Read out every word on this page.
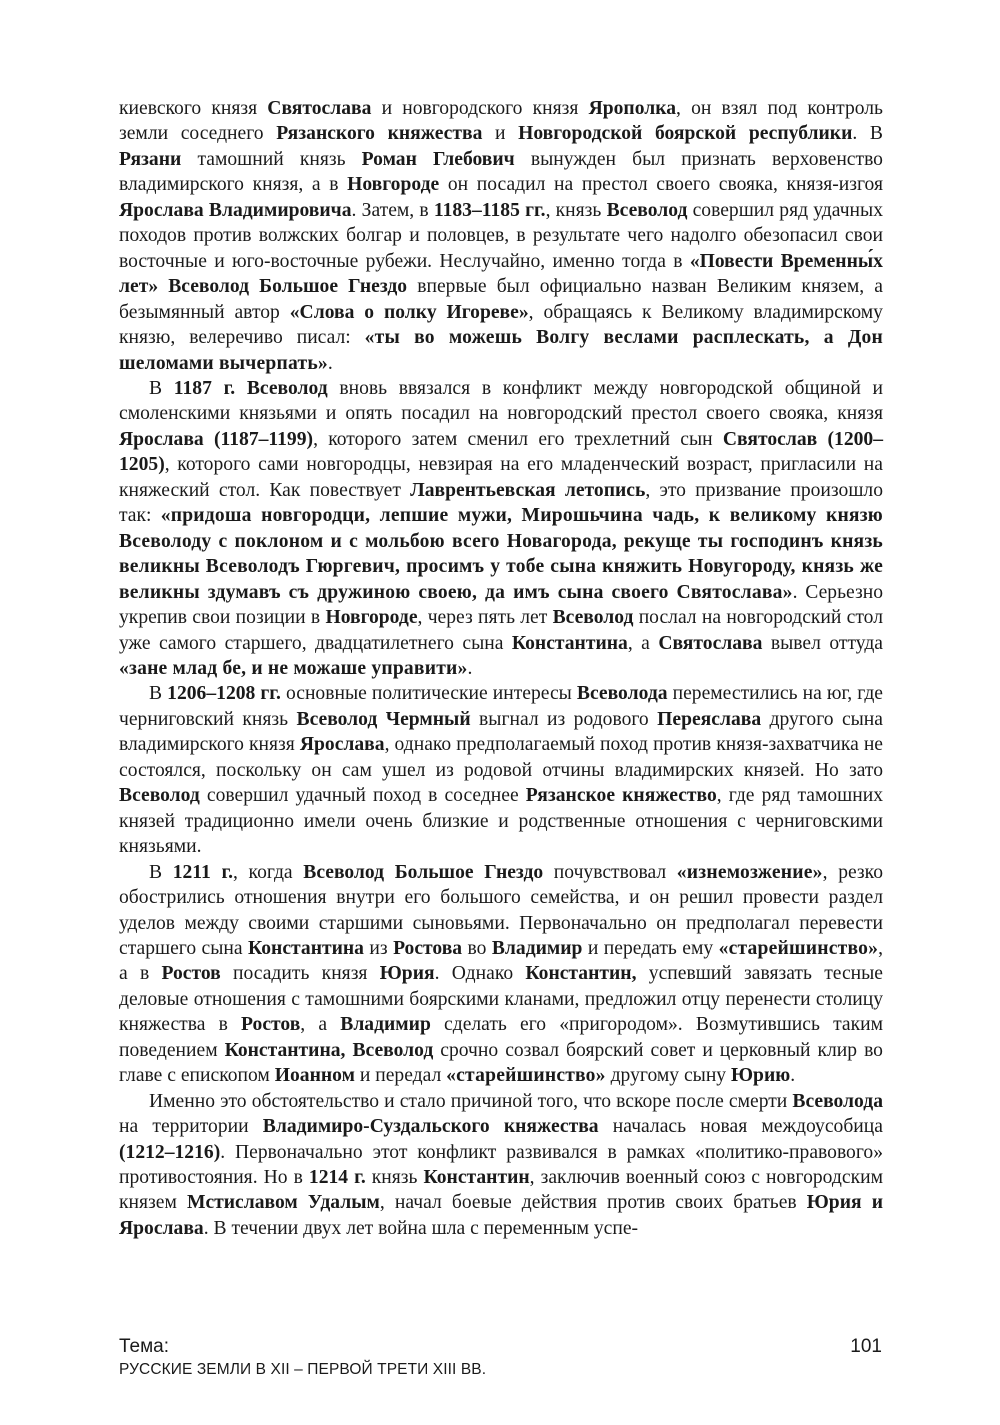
киевского князя Святослава и новгородского князя Ярополка, он взял под контроль земли соседнего Рязанского княжества и Новгородской боярской республики. В Рязани тамошний князь Роман Глебович вынужден был признать верховенство владимирского князя, а в Новгороде он посадил на престол своего свояка, князя-изгоя Ярослава Владимировича. Затем, в 1183–1185 гг., князь Всеволод совершил ряд удачных походов против волжских болгар и половцев, в результате чего надолго обезопасил свои восточные и юго-восточные рубежи. Неслучайно, именно тогда в «Повести Временны́х лет» Всеволод Большое Гнездо впервые был официально назван Великим князем, а безымянный автор «Слова о полку Игореве», обращаясь к Великому владимирскому князю, велеречиво писал: «ты во можешь Волгу веслами расплескать, а Дон шеломами вычерпать».

В 1187 г. Всеволод вновь ввязался в конфликт между новгородской общиной и смоленскими князьями и опять посадил на новгородский престол своего свояка, князя Ярослава (1187–1199), которого затем сменил его трехлетний сын Святослав (1200–1205), которого сами новгородцы, невзирая на его младенческий возраст, пригласили на княжеский стол. Как повествует Лаврентьевская летопись, это призвание произошло так: «придоша новгородци, лепшие мужи, Мирошьчина чадь, к великому князю Всеволоду с поклоном и с мольбою всего Новагорода, рекуще ты господинъ князь великны Всеволодъ Гюргевич, просимъ у тобе сына княжить Новугороду, князь же великны здумавъ съ дружиною своею, да имъ сына своего Святослава». Серьезно укрепив свои позиции в Новгороде, через пять лет Всеволод послал на новгородский стол уже самого старшего, двадцатилетнего сына Константина, а Святослава вывел оттуда «зане млад бе, и не можаше управити».

В 1206–1208 гг. основные политические интересы Всеволода переместились на юг, где черниговский князь Всеволод Чермный выгнал из родового Переяслава другого сына владимирского князя Ярослава, однако предполагаемый поход против князя-захватчика не состоялся, поскольку он сам ушел из родовой отчины владимирских князей. Но зато Всеволод совершил удачный поход в соседнее Рязанское княжество, где ряд тамошних князей традиционно имели очень близкие и родственные отношения с черниговскими князьями.

В 1211 г., когда Всеволод Большое Гнездо почувствовал «изнемозжение», резко обострились отношения внутри его большого семейства, и он решил провести раздел уделов между своими старшими сыновьями. Первоначально он предполагал перевести старшего сына Константина из Ростова во Владимир и передать ему «старейшинство», а в Ростов посадить князя Юрия. Однако Константин, успевший завязать тесные деловые отношения с тамошними боярскими кланами, предложил отцу перенести столицу княжества в Ростов, а Владимир сделать его «пригородом». Возмутившись таким поведением Константина, Всеволод срочно созвал боярский совет и церковный клир во главе с епископом Иоанном и передал «старейшинство» другому сыну Юрию.

Именно это обстоятельство и стало причиной того, что вскоре после смерти Всеволода на территории Владимиро-Суздальского княжества началась новая междоусобица (1212–1216). Первоначально этот конфликт развивался в рамках «политико-правового» противостояния. Но в 1214 г. князь Константин, заключив военный союз с новгородским князем Мстиславом Удалым, начал боевые действия против своих братьев Юрия и Ярослава. В течении двух лет война шла с переменным успе-

Тема:
РУССКИЕ ЗЕМЛИ В XII – ПЕРВОЙ ТРЕТИ XIII ВВ.
101
